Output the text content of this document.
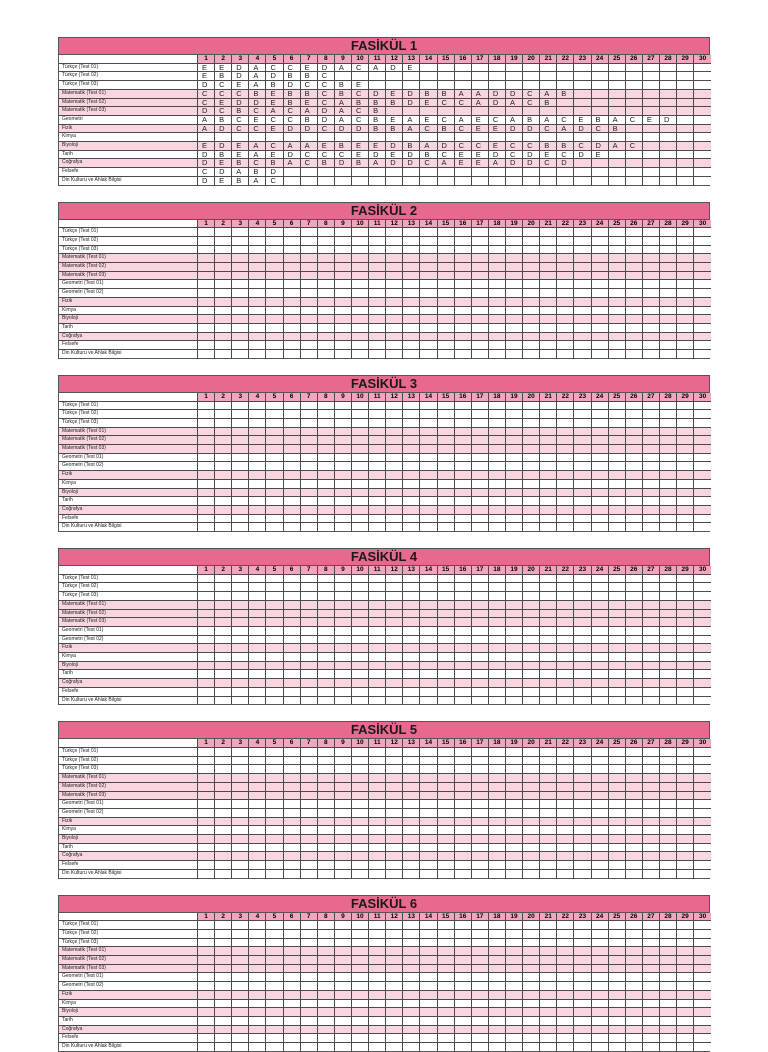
FASİKÜL 1
	1	2	3	4	5	6	7	8	9	10	11	12	13	14	15	16	17	18	19	20	21	22	23	24	25	26	27	28	29	30
Türkçe (Test 01)	E	E	D	A	C	C	E	D	A	C	A	D	E																	
Türkçe (Test 02)	E	B	D	A	D	B	B	C																						
Türkçe (Test 03)	D	C	E	A	B	D	C	C	B	E																				
Matematik (Test 01)	C	C	C	B	E	B	B	C	B	C	D	E	D	B	B	A	A	D	D	C	A	B								
Matematik (Test 02)	C	E	D	D	E	B	E	C	A	B	B	B	D	E	C	C	A	D	A	C	B									
Matematik (Test 03)	D	C	B	C	A	C	A	D	A	C	B																			
Geometri	A	B	C	E	C	C	B	D	A	C	B	E	A	E	C	A	E	C	A	B	A	C	E	B	A	C	E	D		
Fizik	A	D	C	C	E	D	D	C	D	D	B	B	A	C	B	C	E	E	D	D	C	A	D	C	B					
Kimya																														
Biyoloji	E	D	E	A	C	A	A	E	B	E	E	D	B	A	D	C	C	E	C	C	B	B	C	D	A	C				
Tarih	D	B	E	A	E	D	C	C	C	E	D	E	D	B	C	E	E	D	C	D	E	C	D	E						
Coğrafya	D	E	B	C	B	A	C	B	D	B	A	D	D	C	A	E	E	A	D	D	C	D								
Felsefe	C	D	A	B	D																									
Din Kulturu ve Ahlak Bilgisi	D	E	B	A	C																									
FASİKÜL 2
	1	2	3	4	5	6	7	8	9	10	11	12	13	14	15	16	17	18	19	20	21	22	23	24	25	26	27	28	29	30
Türkçe (Test 01)																														
Türkçe (Test 02)																														
Türkçe (Test 03)																														
Matematik (Test 01)																														
Matematik (Test 02)																														
Matematik (Test 03)																														
Geometri (Test 01)																														
Geometri (Test 02)																														
Fizik																														
Kimya																														
Biyoloji																														
Tarih																														
Coğrafya																														
Felsefe																														
Din Kulturu ve Ahlak Bilgisi																														
FASİKÜL 3
	1	2	3	4	5	6	7	8	9	10	11	12	13	14	15	16	17	18	19	20	21	22	23	24	25	26	27	28	29	30
Türkçe (Test 01)																														
Türkçe (Test 02)																														
Türkçe (Test 03)																														
Matematik (Test 01)																														
Matematik (Test 02)																														
Matematik (Test 03)																														
Geometri (Test 01)																														
Geometri (Test 02)																														
Fizik																														
Kimya																														
Biyoloji																														
Tarih																														
Coğrafya																														
Felsefe																														
Din Kulturu ve Ahlak Bilgisi																														
FASİKÜL 4
	1	2	3	4	5	6	7	8	9	10	11	12	13	14	15	16	17	18	19	20	21	22	23	24	25	26	27	28	29	30
Türkçe (Test 01)																														
Türkçe (Test 02)																														
Türkçe (Test 03)																														
Matematik (Test 01)																														
Matematik (Test 02)																														
Matematik (Test 03)																														
Geometri (Test 01)																														
Geometri (Test 02)																														
Fizik																														
Kimya																														
Biyoloji																														
Tarih																														
Coğrafya																														
Felsefe																														
Din Kulturu ve Ahlak Bilgisi																														
FASİKÜL 5
	1	2	3	4	5	6	7	8	9	10	11	12	13	14	15	16	17	18	19	20	21	22	23	24	25	26	27	28	29	30
Türkçe (Test 01)																														
Türkçe (Test 02)																														
Türkçe (Test 03)																														
Matematik (Test 01)																														
Matematik (Test 02)																														
Matematik (Test 03)																														
Geometri (Test 01)																														
Geometri (Test 02)																														
Fizik																														
Kimya																														
Biyoloji																														
Tarih																														
Coğrafya																														
Felsefe																														
Din Kulturu ve Ahlak Bilgisi																														
FASİKÜL 6
	1	2	3	4	5	6	7	8	9	10	11	12	13	14	15	16	17	18	19	20	21	22	23	24	25	26	27	28	29	30
Türkçe (Test 01)																														
Türkçe (Test 02)																														
Türkçe (Test 03)																														
Matematik (Test 01)																														
Matematik (Test 02)																														
Matematik (Test 03)																														
Geometri (Test 01)																														
Geometri (Test 02)																														
Fizik																														
Kimya																														
Biyoloji																														
Tarih																														
Coğrafya																														
Felsefe																														
Din Kulturu ve Ahlak Bilgisi																														
